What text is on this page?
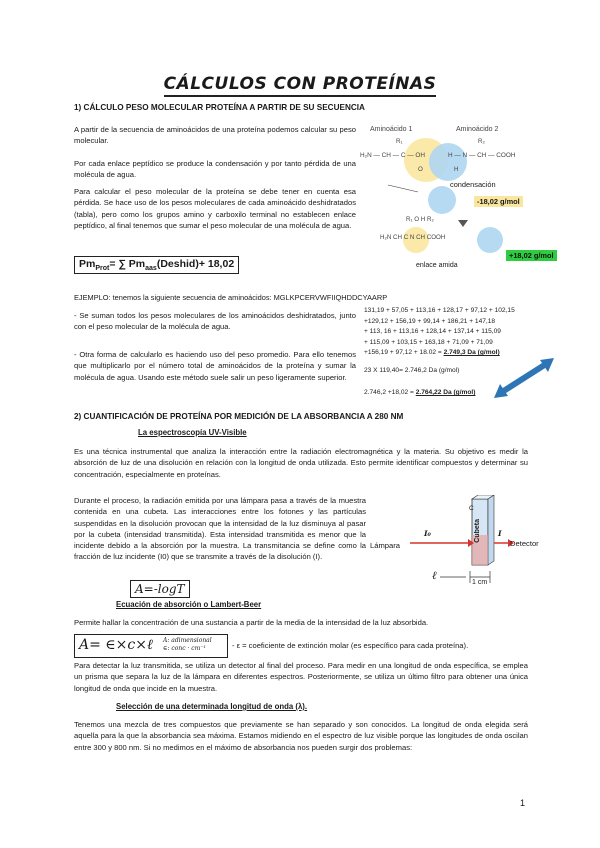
CÁLCULOS CON PROTEÍNAS
1) CÁLCULO PESO MOLECULAR PROTEÍNA A PARTIR DE SU SECUENCIA
A partir de la secuencia de aminoácidos de una proteína podemos calcular su peso molecular.
Por cada enlace peptídico se produce la condensación y por tanto pérdida de una molécula de agua.
Para calcular el peso molecular de la proteína se debe tener en cuenta esa pérdida. Se hace uso de los pesos moleculares de cada aminoácido deshidratados (tabla), pero como los grupos amino y carboxilo terminal no establecen enlace peptídico, al final tenemos que sumar el peso molecular de una molécula de agua.
$Pm_{Prot}=$ ∑ $Pm_{aas}(Deshid)+ 18,02$
Aminoácido 1	Aminoácido 2
R₁	R₂
H₂N — CH — C — OH	H — N — CH — COOH
O	H
condensación
-18,02 g/mol
R₁ O H R₂
H₂N CH C N CH COOH
enlace amida
+18,02 g/mol
EJEMPLO: tenemos la siguiente secuencia de aminoácidos: MGLKPCERVWFIIQHDDCYAARP
- Se suman todos los pesos moleculares de los aminoácidos deshidratados, junto con el peso molecular de la molécula de agua.
- Otra forma de calcularlo es haciendo uso del peso promedio. Para ello tenemos que multiplicarlo por el número total de aminoácidos de la proteína y sumar la molécula de agua. Usando este método suele salir un peso ligeramente superior.
131,19 + 57,05 + 113,16 + 128,17 + 97,12 + 102,15
+129,12 + 156,19 + 99,14 + 186,21 + 147,18
+ 113, 16 + 113,16 + 128,14 + 137,14 + 115,09
+ 115,09 + 103,15 + 163,18 + 71,09 + 71,09
+156,19 + 97,12 + 18.02 = 2.749,3 Da (g/mol)
23 X 119,40= 2.746,2 Da (g/mol)
2.746,2 +18,02 = 2.764,22 Da (g/mol)
2) CUANTIFICACIÓN DE PROTEÍNA POR MEDICIÓN DE LA ABSORBANCIA A 280 NM
La espectroscopía UV-Visible
Es una técnica instrumental que analiza la interacción entre la radiación electromagnética y la materia. Su objetivo es medir la absorción de luz de una disolución en relación con la longitud de onda utilizada. Esto permite identificar compuestos y determinar su concentración, especialmente en proteínas.
Durante el proceso, la radiación emitida por una lámpara pasa a través de la muestra contenida en una cubeta. Las interacciones entre los fotones y las partículas suspendidas en la disolución provocan que la intensidad de la luz disminuya al pasar por la cubeta (intensidad transmitida). Esta intensidad transmitida es menor que la incidente debido a la absorción por la muestra. La transmitancia se define como la fracción de luz incidente (I0) que se transmite a través de la disolución (I).
A=-logT
Lámpara
I₀
C
Cubeta	I
Detector
ℓ
1 cm
Ecuación de absorción o Lambert-Beer
Permite hallar la concentración de una sustancia a partir de la media de la intensidad de la luz absorbida.
A= ∈×c×ℓ A: adimensional
∈: conc · cm⁻¹	- ε = coeficiente de extinción molar (es específico para cada proteína).
Para detectar la luz transmitida, se utiliza un detector al final del proceso. Para medir en una longitud de onda específica, se emplea un prisma que separa la luz de la lámpara en diferentes espectros. Posteriormente, se utiliza un último filtro para obtener una única longitud de onda que incide en la muestra.
Selección de una determinada longitud de onda (λ).
Tenemos una mezcla de tres compuestos que previamente se han separado y son conocidos. La longitud de onda elegida será aquella para la que la absorbancia sea máxima. Estamos midiendo en el espectro de luz visible porque las longitudes de onda oscilan entre 300 y 800 nm. Si no medimos en el máximo de absorbancia nos pueden surgir dos problemas:
1
